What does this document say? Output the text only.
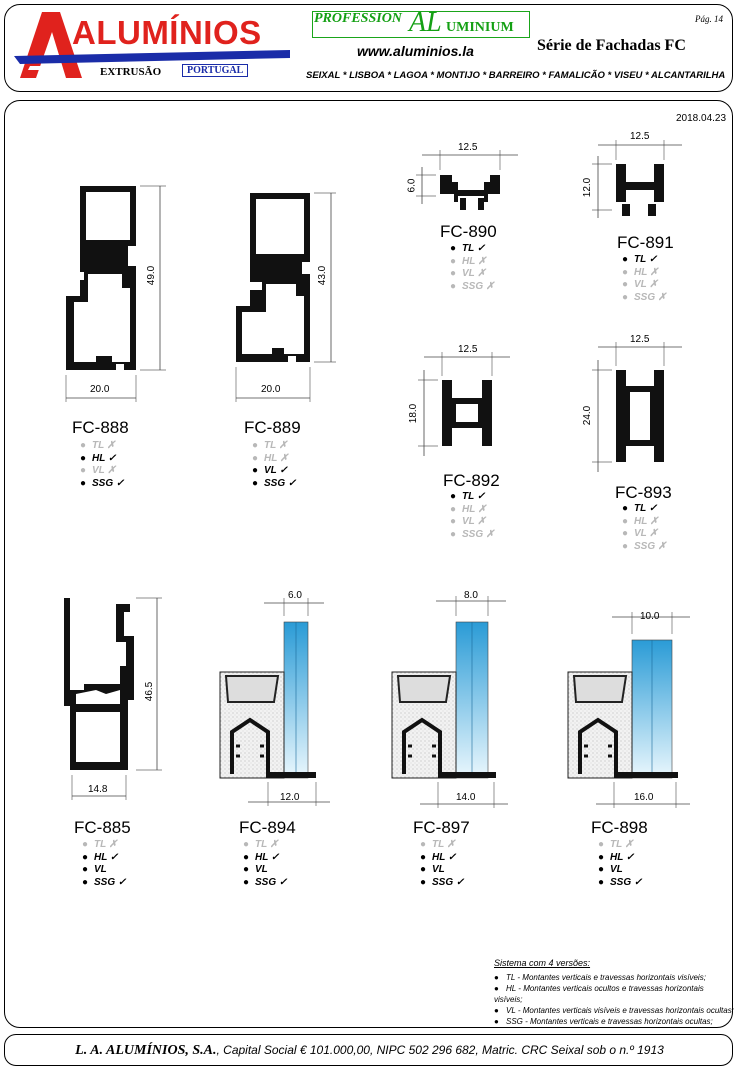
ALUMÍNIOS
EXTRUSÃO	PORTUGAL
PROFESSION AL UMINIUM
www.aluminios.la
Pág. 14
Série de Fachadas FC
SEIXAL * LISBOA * LAGOA * MONTIJO * BARREIRO * FAMALICÃO * VISEU * ALCANTARILHA
2018.04.23
49.0
20.0
43.0
20.0
12.5
6.0
12.5
12.0
12.5
18.0
12.5
24.0
46.5
14.8
6.0
12.0
8.0
14.0
10.0
16.0
FC-888
● TL ✗
● HL ✓
● VL ✗
● SSG ✓
FC-889
● TL ✗
● HL ✗
● VL ✓
● SSG ✓
FC-890
● TL ✓
● HL ✗
● VL ✗
● SSG ✗
FC-891
● TL ✓
● HL ✗
● VL ✗
● SSG ✗
FC-892
● TL ✓
● HL ✗
● VL ✗
● SSG ✗
FC-893
● TL ✓
● HL ✗
● VL ✗
● SSG ✗
FC-885
● TL ✗
● HL ✓
● VL
● SSG ✓
FC-894
● TL ✗
● HL ✓
● VL
● SSG ✓
FC-897
● TL ✗
● HL ✓
● VL
● SSG ✓
FC-898
● TL ✗
● HL ✓
● VL
● SSG ✓
Sistema com 4 versões:
● TL - Montantes verticais e travessas horizontais visíveis;
● HL - Montantes verticais ocultos e travessas horizontais visíveis;
● VL - Montantes verticais visíveis e travessas horizontais ocultas;
● SSG - Montantes verticais e travessas horizontais ocultas;
L. A. ALUMÍNIOS, S.A., Capital Social € 101.000,00, NIPC 502 296 682, Matric. CRC Seixal sob o n.º 1913
